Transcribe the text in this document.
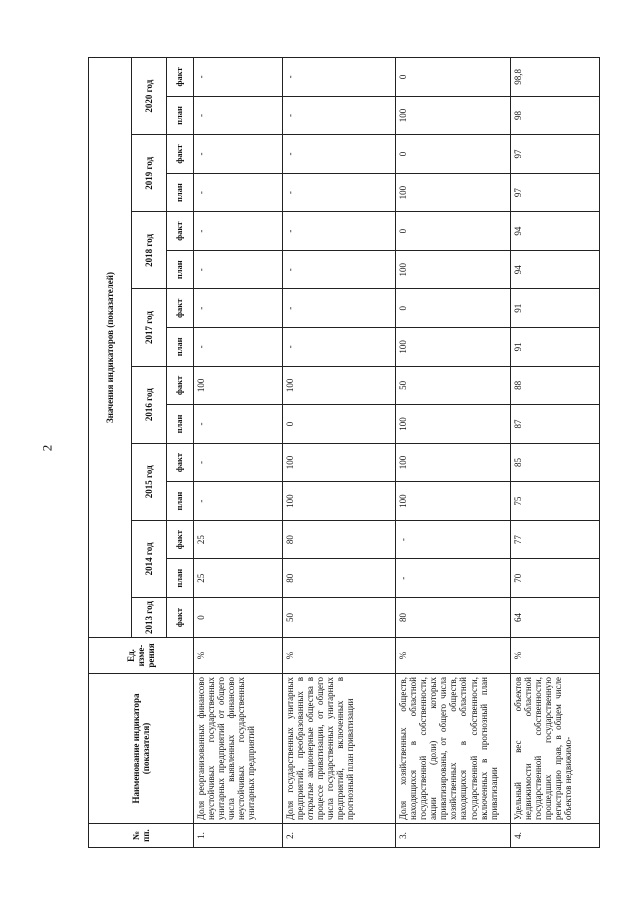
2
№ пп.	Наименование индикатора (показателя)	Ед. изме-рения	Значения индикаторов (показателей)														
			2013 год	2014 год		2015 год		2016 год		2017 год		2018 год		2019 год		2020 год	
			факт	план	факт	план	факт	план	факт	план	факт	план	факт	план	факт	план	факт
1.	Доля реорганизованных финансово неустойчивых государственных унитарных предприятий от общего числа выявленных финансово неустойчивых государственных унитарных предприятий	%	0	25	25	-	-	-	100	-	-	-	-	-	-	-	-
2.	Доля государственных унитарных предприятий, преобразованных в открытые акционерные общества в процессе приватизации, от общего числа государственных унитарных предприятий, включенных в прогнозный план приватизации	%	50	80	80	100	100	0	100	-	-	-	-	-	-	-	-
3.	Доля хозяйственных обществ, находящихся в областной государственной собственности, акции (доли) которых приватизированы, от общего числа хозяйственных обществ, находящихся в областной государственной собственности, включенных в прогнозный план приватизации	%	80	-	-	100	100	100	50	100	0	100	0	100	0	100	0
4.	Удельный вес объектов недвижимости областной государственной собственности, прошедших государственную регистрацию прав, в общем числе объектов недвижимо-	%	64	70	77	75	85	87	88	91	91	94	94	97	97	98	98,8
